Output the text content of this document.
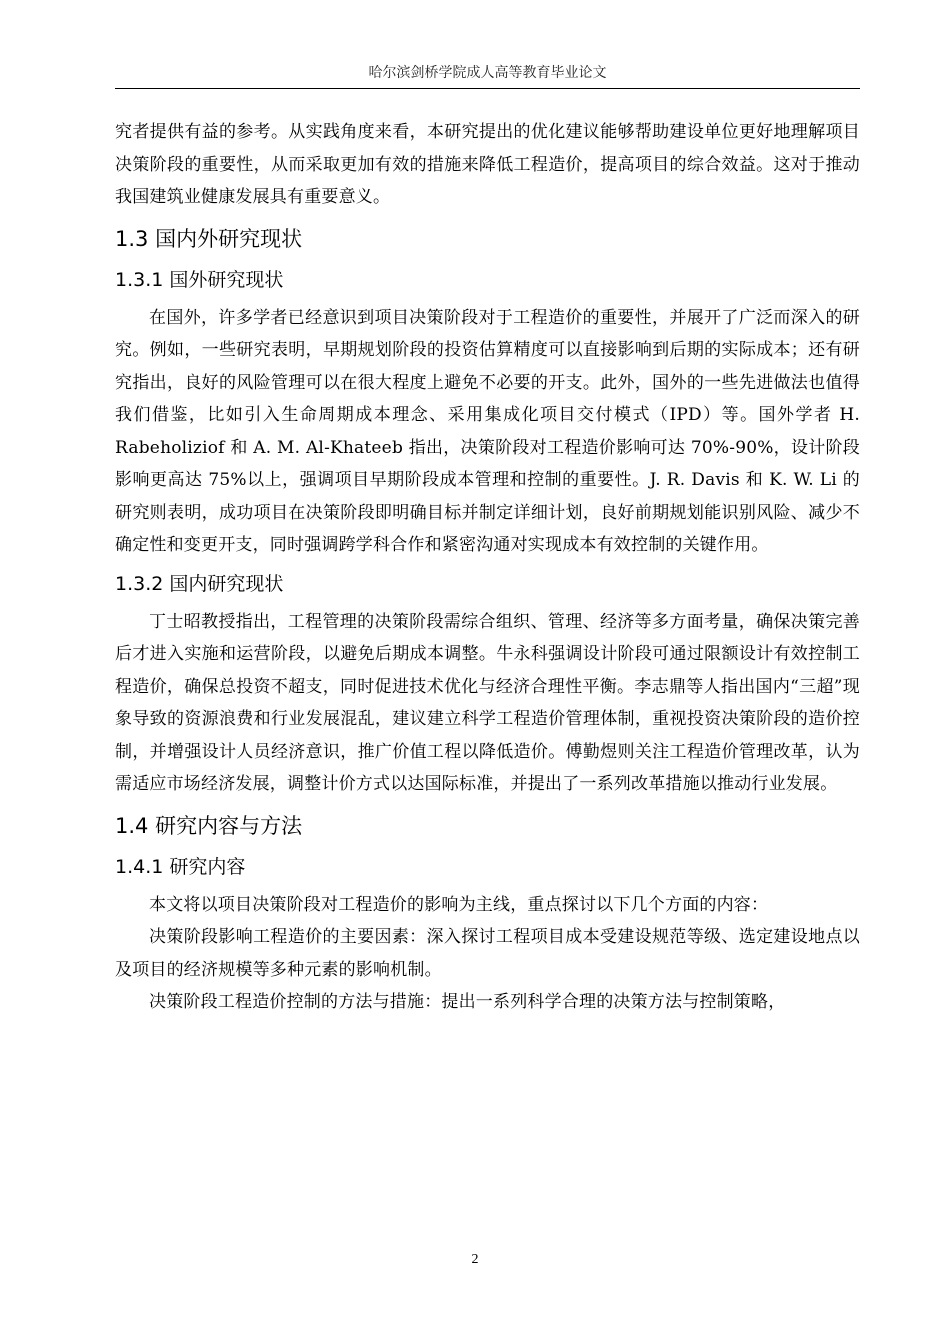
哈尔滨剑桥学院成人高等教育毕业论文

究者提供有益的参考。从实践角度来看，本研究提出的优化建议能够帮助建设单位更好地理解项目决策阶段的重要性，从而采取更加有效的措施来降低工程造价，提高项目的综合效益。这对于推动我国建筑业健康发展具有重要意义。

1.3 国内外研究现状
1.3.1 国外研究现状

在国外，许多学者已经意识到项目决策阶段对于工程造价的重要性，并展开了广泛而深入的研究。例如，一些研究表明，早期规划阶段的投资估算精度可以直接影响到后期的实际成本；还有研究指出，良好的风险管理可以在很大程度上避免不必要的开支。此外，国外的一些先进做法也值得我们借鉴，比如引入生命周期成本理念、采用集成化项目交付模式（IPD）等。国外学者 H. Rabeholiziof 和 A. M. Al-Khateeb 指出，决策阶段对工程造价影响可达 70%-90%，设计阶段影响更高达 75%以上，强调项目早期阶段成本管理和控制的重要性。J. R. Davis 和 K. W. Li 的研究则表明，成功项目在决策阶段即明确目标并制定详细计划，良好前期规划能识别风险、减少不确定性和变更开支，同时强调跨学科合作和紧密沟通对实现成本有效控制的关键作用。

1.3.2 国内研究现状

丁士昭教授指出，工程管理的决策阶段需综合组织、管理、经济等多方面考量，确保决策完善后才进入实施和运营阶段，以避免后期成本调整。牛永科强调设计阶段可通过限额设计有效控制工程造价，确保总投资不超支，同时促进技术优化与经济合理性平衡。李志鼎等人指出国内“三超”现象导致的资源浪费和行业发展混乱，建议建立科学工程造价管理体制，重视投资决策阶段的造价控制，并增强设计人员经济意识，推广价值工程以降低造价。傅勤煜则关注工程造价管理改革，认为需适应市场经济发展，调整计价方式以达国际标准，并提出了一系列改革措施以推动行业发展。

1.4 研究内容与方法
1.4.1 研究内容

本文将以项目决策阶段对工程造价的影响为主线，重点探讨以下几个方面的内容：

决策阶段影响工程造价的主要因素：深入探讨工程项目成本受建设规范等级、选定建设地点以及项目的经济规模等多种元素的影响机制。

决策阶段工程造价控制的方法与措施：提出一系列科学合理的决策方法与控制策略，

2
